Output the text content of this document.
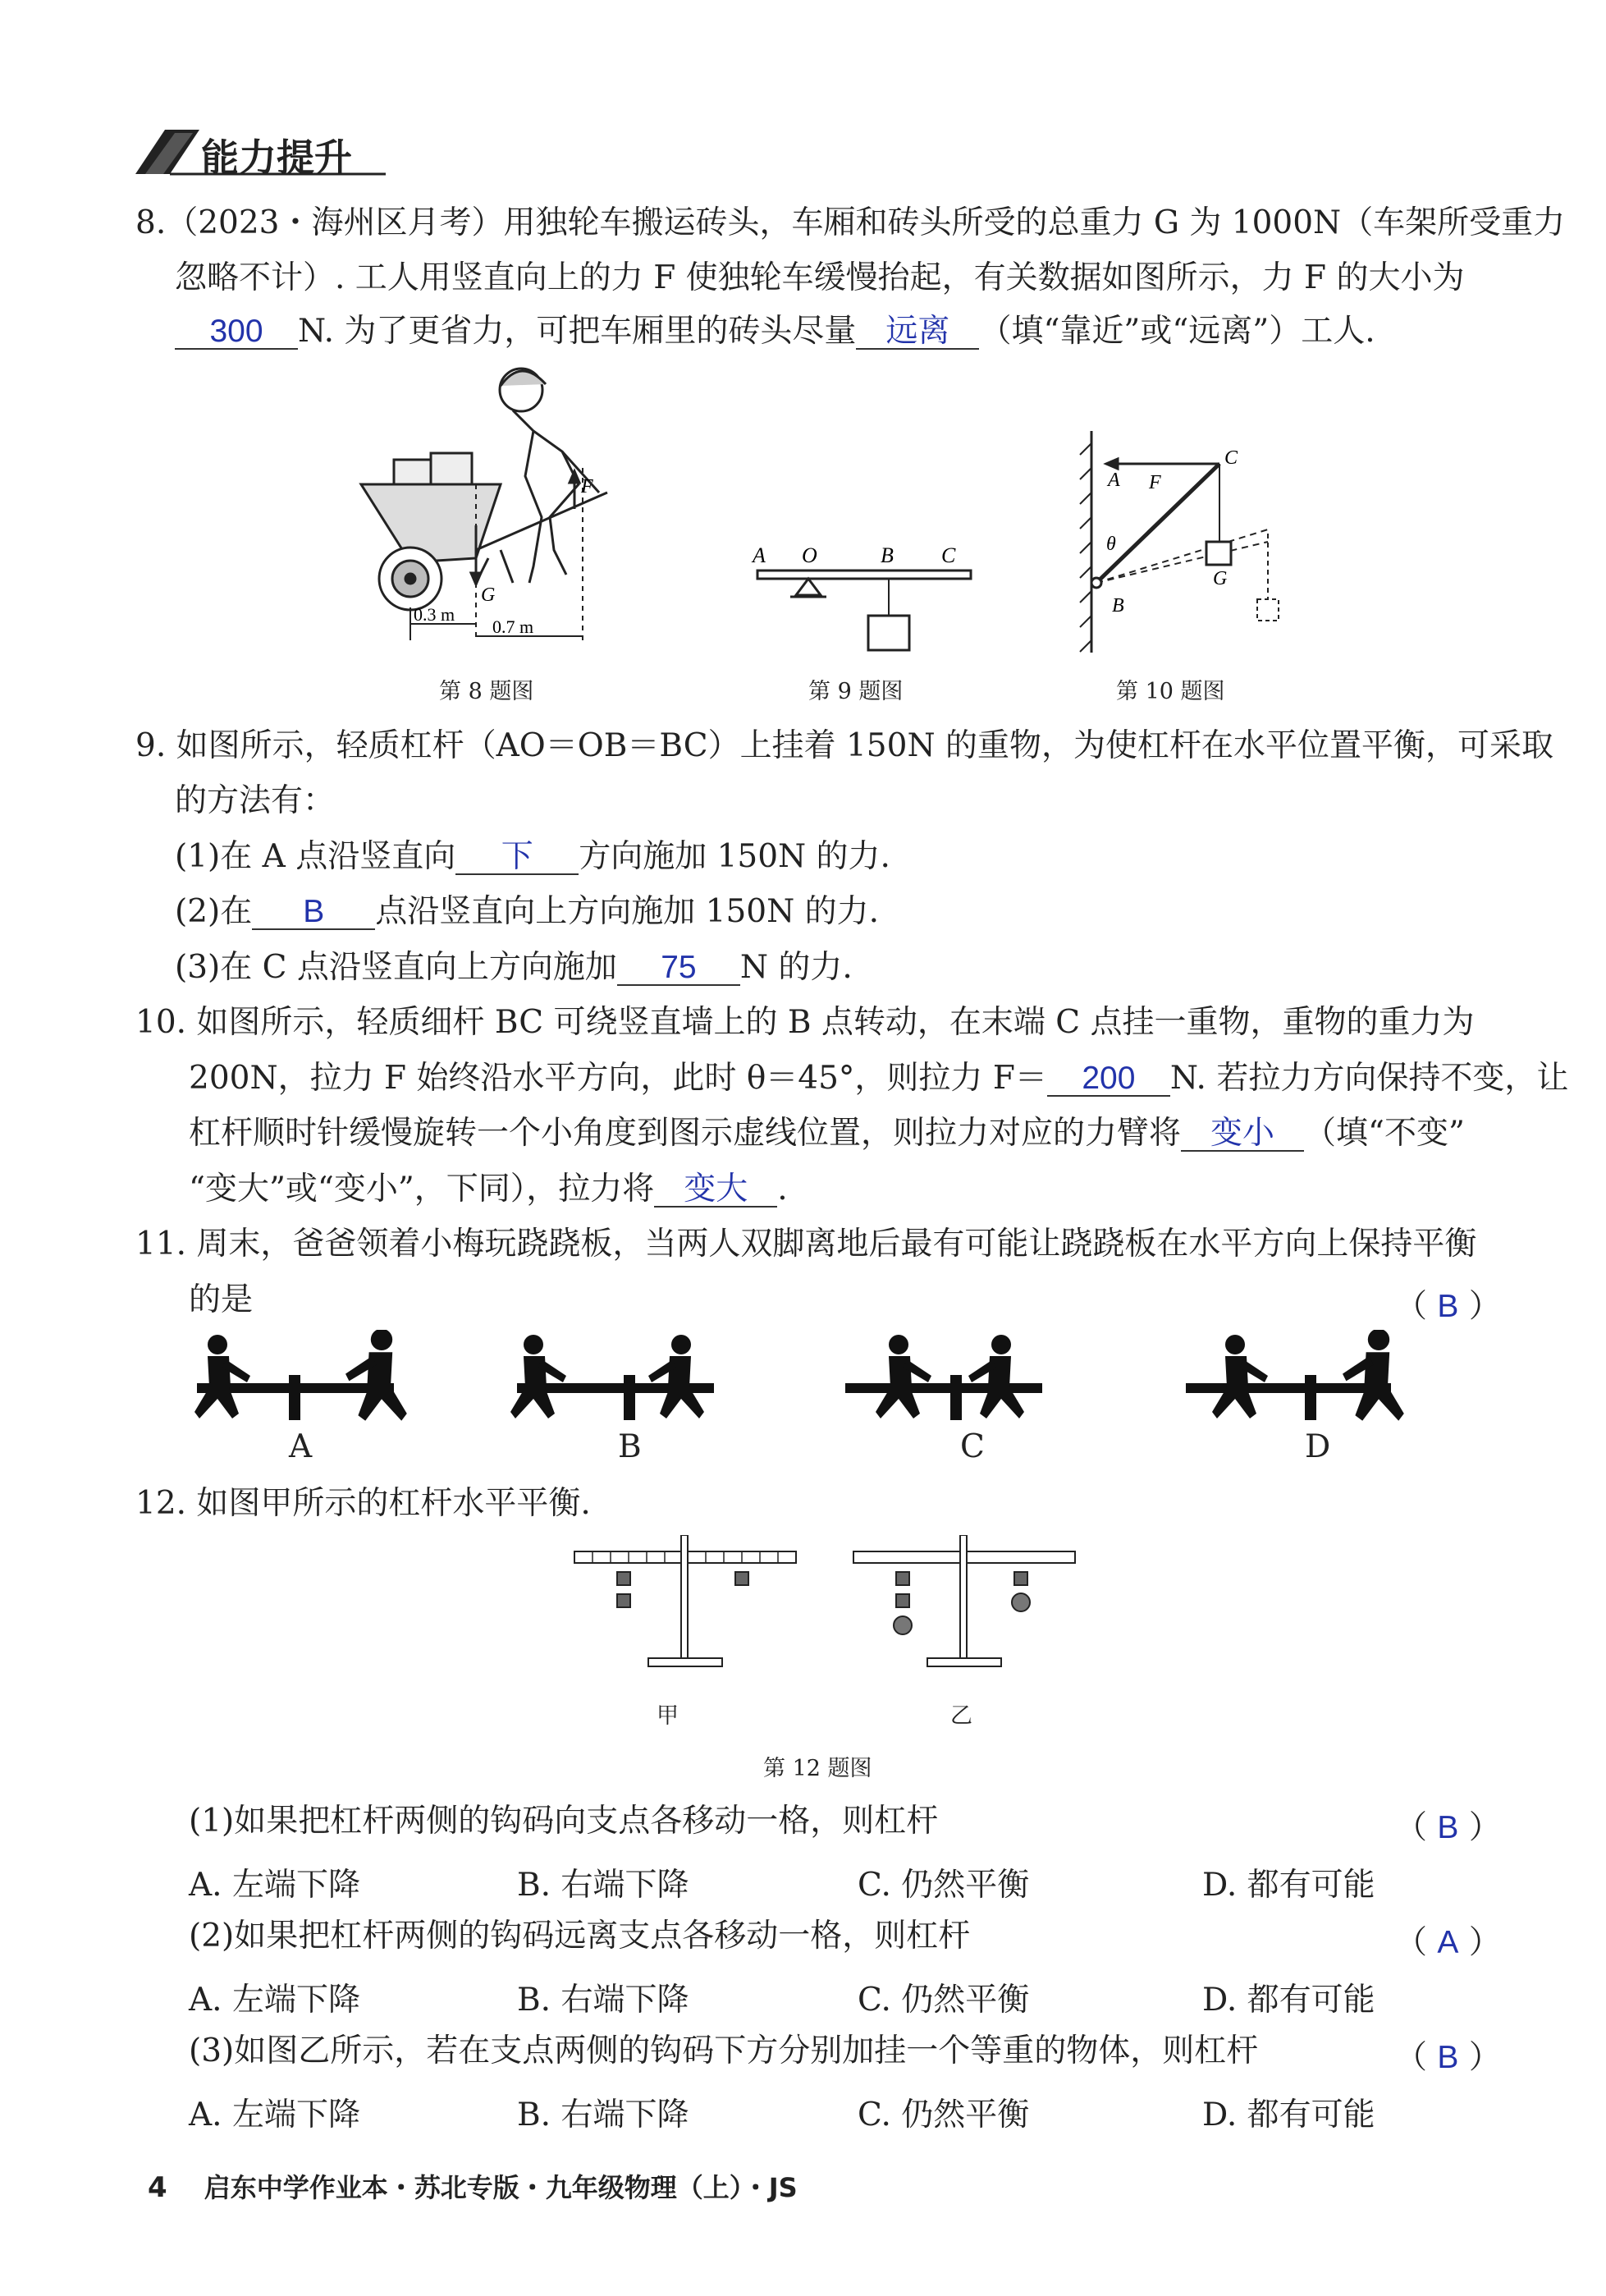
能力提升
8.（2023・海州区月考）用独轮车搬运砖头，车厢和砖头所受的总重力 G 为 1000N（车架所受重力
忽略不计）. 工人用竖直向上的力 F 使独轮车缓慢抬起，有关数据如图所示，力 F 的大小为
300 N. 为了更省力，可把车厢里的砖头尽量 远离 （填“靠近”或“远离”）工人.
G
F
0.3 m
0.7 m
第 8 题图
A O	B C
第 9 题图
A F
C
θ
B
G
第 10 题图
9. 如图所示，轻质杠杆（AO＝OB＝BC）上挂着 150N 的重物，为使杠杆在水平位置平衡，可采取
的方法有：
(1)在 A 点沿竖直向 下 方向施加 150N 的力.
(2)在 B 点沿竖直向上方向施加 150N 的力.
(3)在 C 点沿竖直向上方向施加 75 N 的力.
10. 如图所示，轻质细杆 BC 可绕竖直墙上的 B 点转动，在末端 C 点挂一重物，重物的重力为
200N，拉力 F 始终沿水平方向，此时 θ＝45°，则拉力 F＝ 200 N. 若拉力方向保持不变，让
杠杆顺时针缓慢旋转一个小角度到图示虚线位置，则拉力对应的力臂将 变小 （填“不变”
“变大”或“变小”，下同），拉力将 变大 .
11. 周末，爸爸领着小梅玩跷跷板，当两人双脚离地后最有可能让跷跷板在水平方向上保持平衡
的是	（ B ）
A	B	C	D
12. 如图甲所示的杠杆水平平衡.
甲	乙
第 12 题图
(1)如果把杠杆两侧的钩码向支点各移动一格，则杠杆	（ B ）
A. 左端下降	B. 右端下降	C. 仍然平衡	D. 都有可能
(2)如果把杠杆两侧的钩码远离支点各移动一格，则杠杆	（ A ）
A. 左端下降	B. 右端下降	C. 仍然平衡	D. 都有可能
(3)如图乙所示，若在支点两侧的钩码下方分别加挂一个等重的物体，则杠杆	（ B ）
A. 左端下降	B. 右端下降	C. 仍然平衡	D. 都有可能
4 启东中学作业本・苏北专版・九年级物理（上）・JS
